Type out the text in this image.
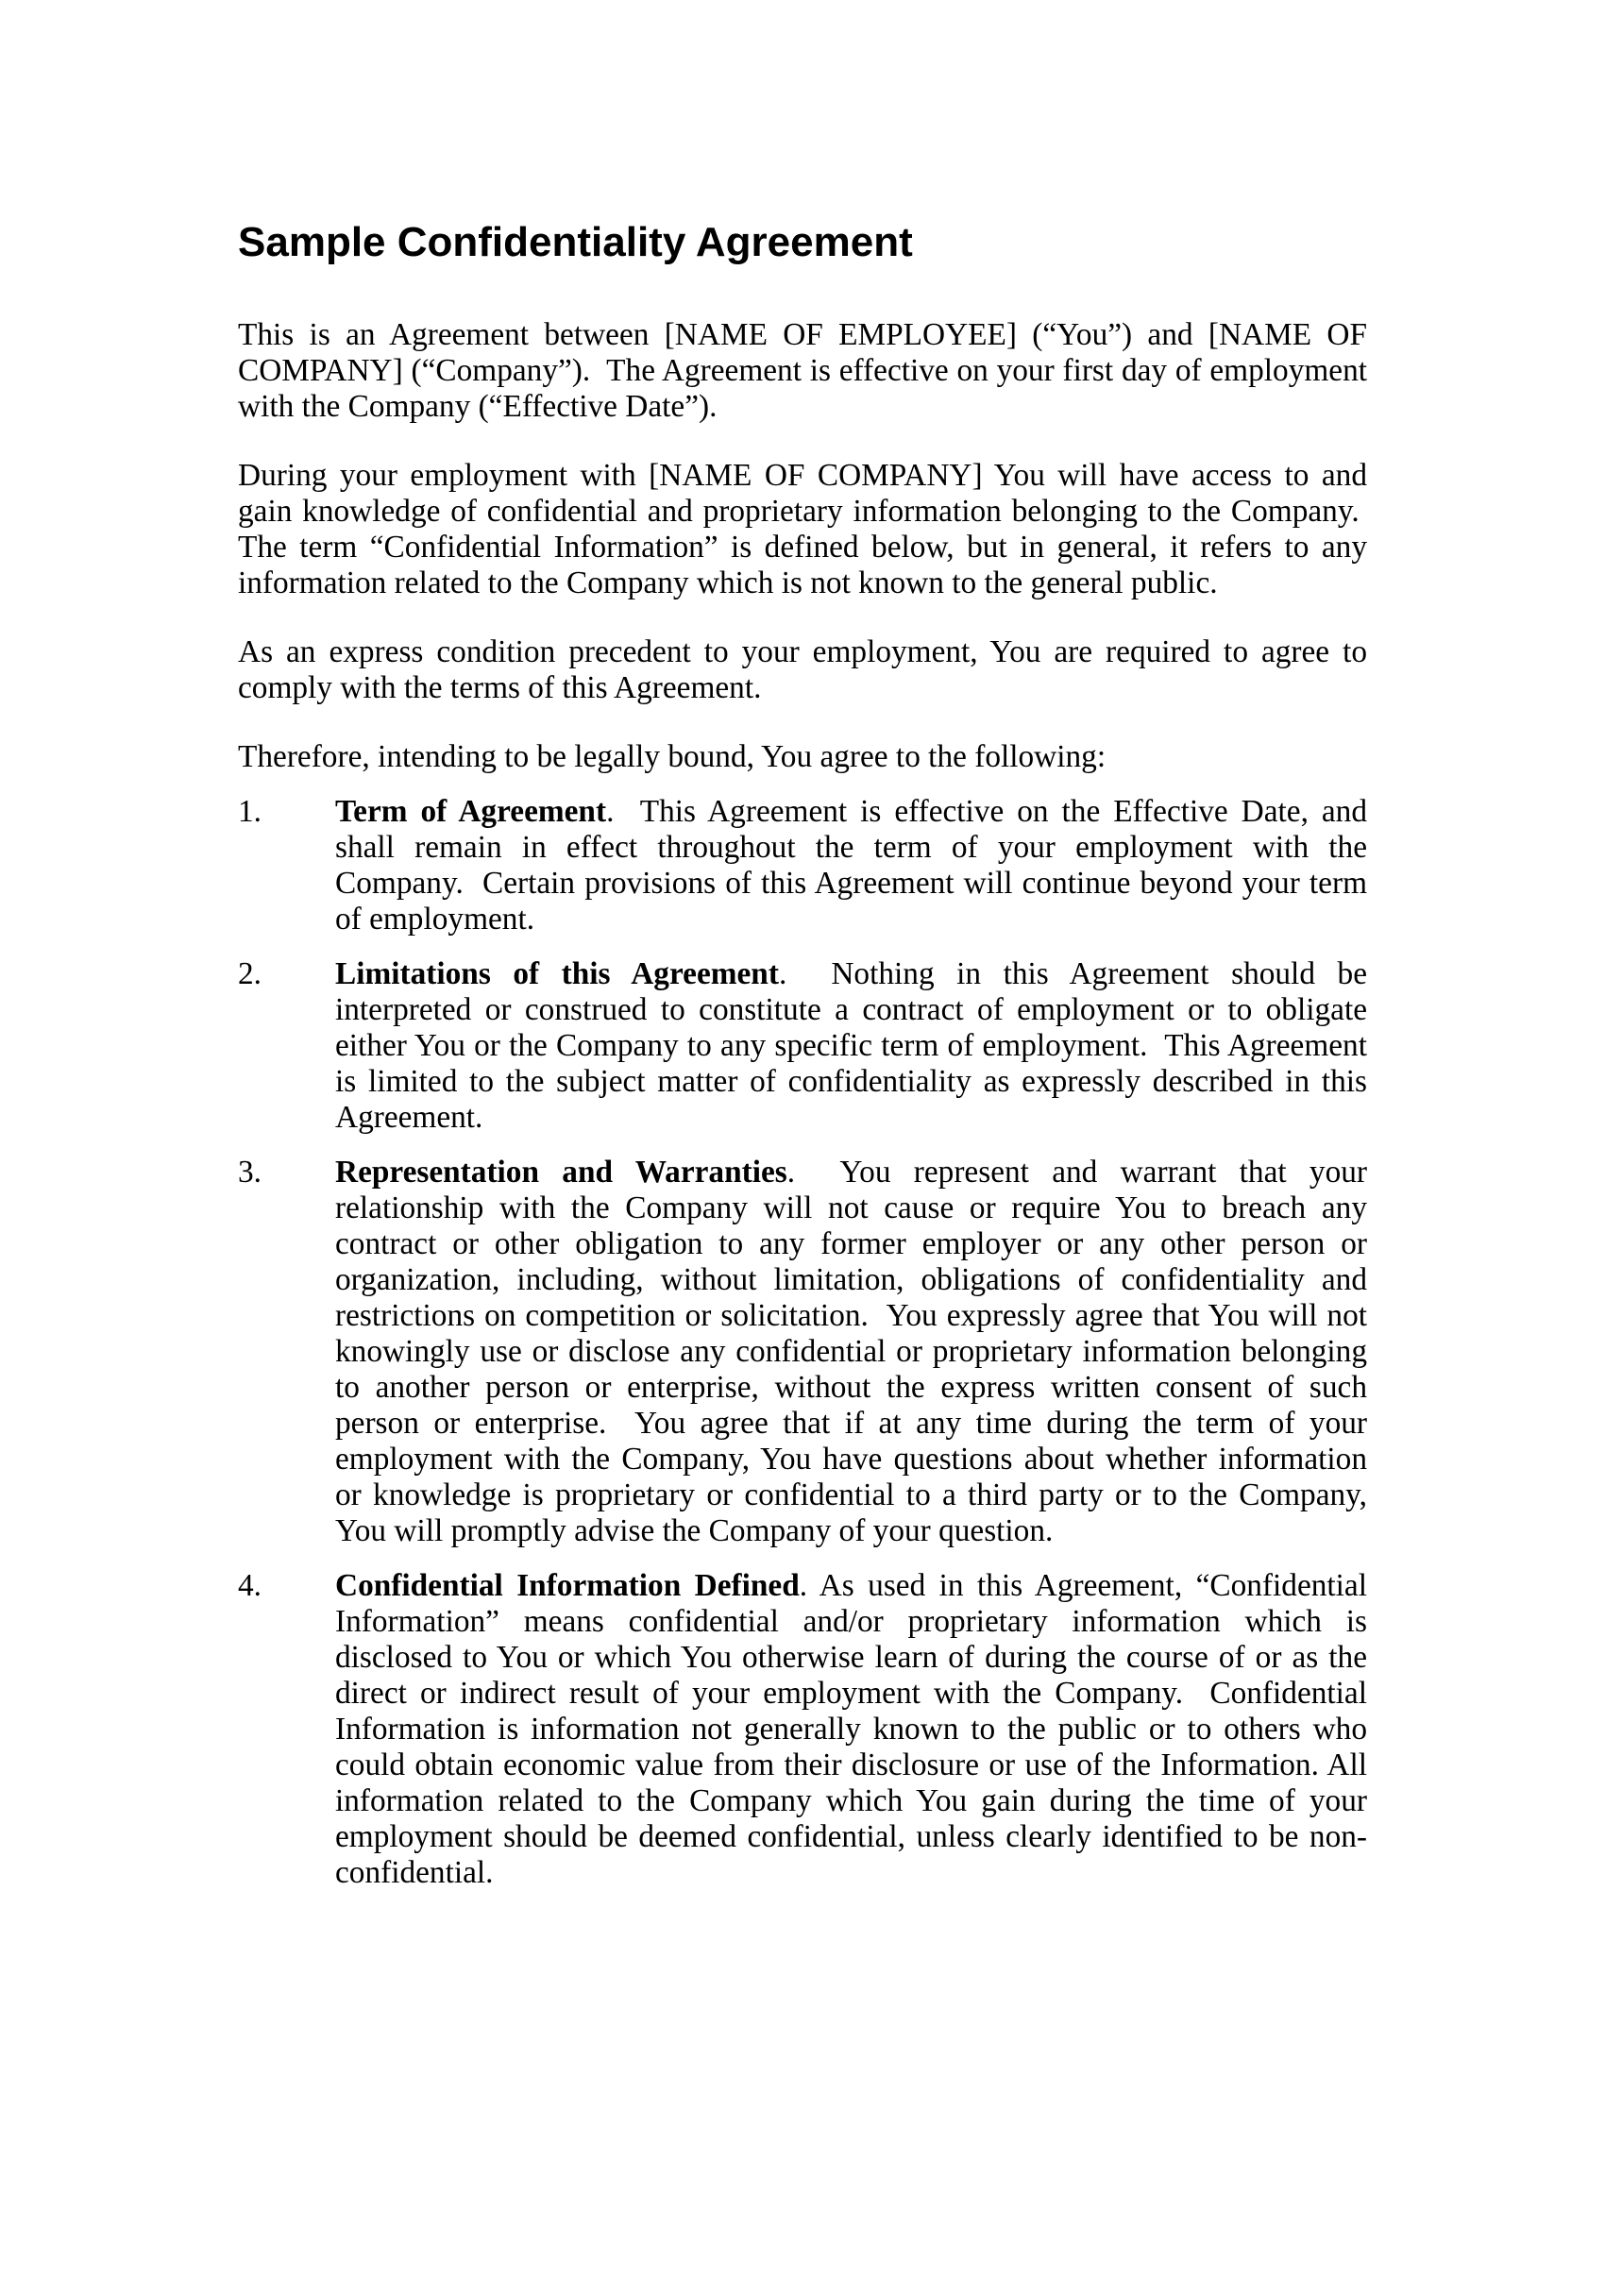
Sample Confidentiality Agreement

This is an Agreement between [NAME OF EMPLOYEE] (“You”) and [NAME OF COMPANY] (“Company”).  The Agreement is effective on your first day of employment with the Company (“Effective Date”).

During your employment with [NAME OF COMPANY] You will have access to and gain knowledge of confidential and proprietary information belonging to the Company.  The term “Confidential Information” is defined below, but in general, it refers to any information related to the Company which is not known to the general public.

As an express condition precedent to your employment, You are required to agree to comply with the terms of this Agreement.

Therefore, intending to be legally bound, You agree to the following:

1. Term of Agreement.  This Agreement is effective on the Effective Date, and shall remain in effect throughout the term of your employment with the Company.  Certain provisions of this Agreement will continue beyond your term of employment.
2. Limitations of this Agreement.  Nothing in this Agreement should be interpreted or construed to constitute a contract of employment or to obligate either You or the Company to any specific term of employment.  This Agreement is limited to the subject matter of confidentiality as expressly described in this Agreement.
3. Representation and Warranties.  You represent and warrant that your relationship with the Company will not cause or require You to breach any contract or other obligation to any former employer or any other person or organization, including, without limitation, obligations of confidentiality and restrictions on competition or solicitation.  You expressly agree that You will not knowingly use or disclose any confidential or proprietary information belonging to another person or enterprise, without the express written consent of such person or enterprise.  You agree that if at any time during the term of your employment with the Company, You have questions about whether information or knowledge is proprietary or confidential to a third party or to the Company, You will promptly advise the Company of your question.
4. Confidential Information Defined. As used in this Agreement, “Confidential Information” means confidential and/or proprietary information which is disclosed to You or which You otherwise learn of during the course of or as the direct or indirect result of your employment with the Company.  Confidential Information is information not generally known to the public or to others who could obtain economic value from their disclosure or use of the Information. All information related to the Company which You gain during the time of your employment should be deemed confidential, unless clearly identified to be non-confidential.
